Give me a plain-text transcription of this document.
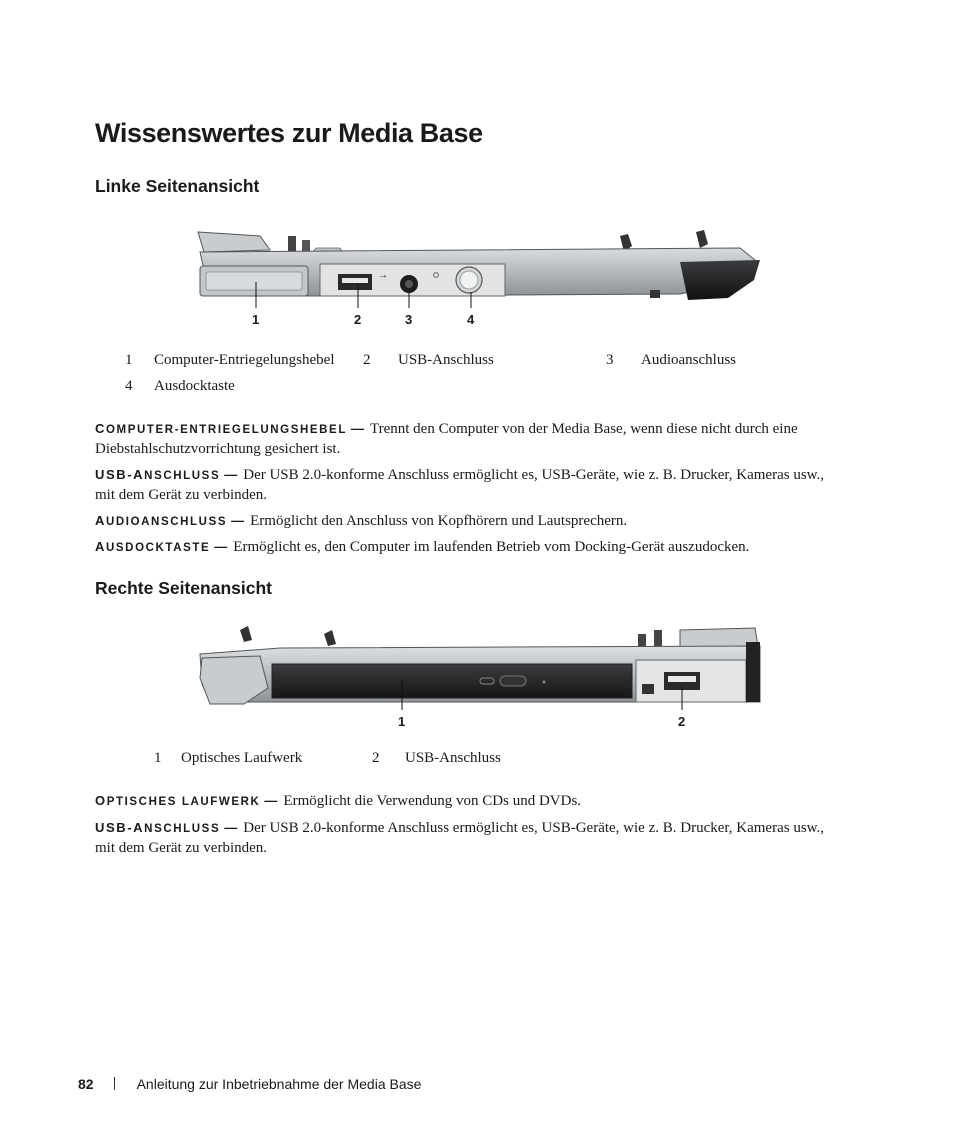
Wissenswertes zur Media Base
Linke Seitenansicht
⭢
1	2	3	4
1 Computer-Entriegelungshebel 2 USB-Anschluss	3 Audioanschluss
4 Ausdocktaste
COMPUTER-ENTRIEGELUNGSHEBEL — Trennt den Computer von der Media Base, wenn diese nicht durch eine Diebstahlschutzvorrichtung gesichert ist.
USB-ANSCHLUSS — Der USB 2.0-konforme Anschluss ermöglicht es, USB-Geräte, wie z. B. Drucker, Kameras usw., mit dem Gerät zu verbinden.
AUDIOANSCHLUSS — Ermöglicht den Anschluss von Kopfhörern und Lautsprechern.
AUSDOCKTASTE — Ermöglicht es, den Computer im laufenden Betrieb vom Docking-Gerät auszudocken.
Rechte Seitenansicht
1	2
1 Optisches Laufwerk	2 USB-Anschluss
OPTISCHES LAUFWERK — Ermöglicht die Verwendung von CDs und DVDs.
USB-ANSCHLUSS — Der USB 2.0-konforme Anschluss ermöglicht es, USB-Geräte, wie z. B. Drucker, Kameras usw., mit dem Gerät zu verbinden.
82	Anleitung zur Inbetriebnahme der Media Base
